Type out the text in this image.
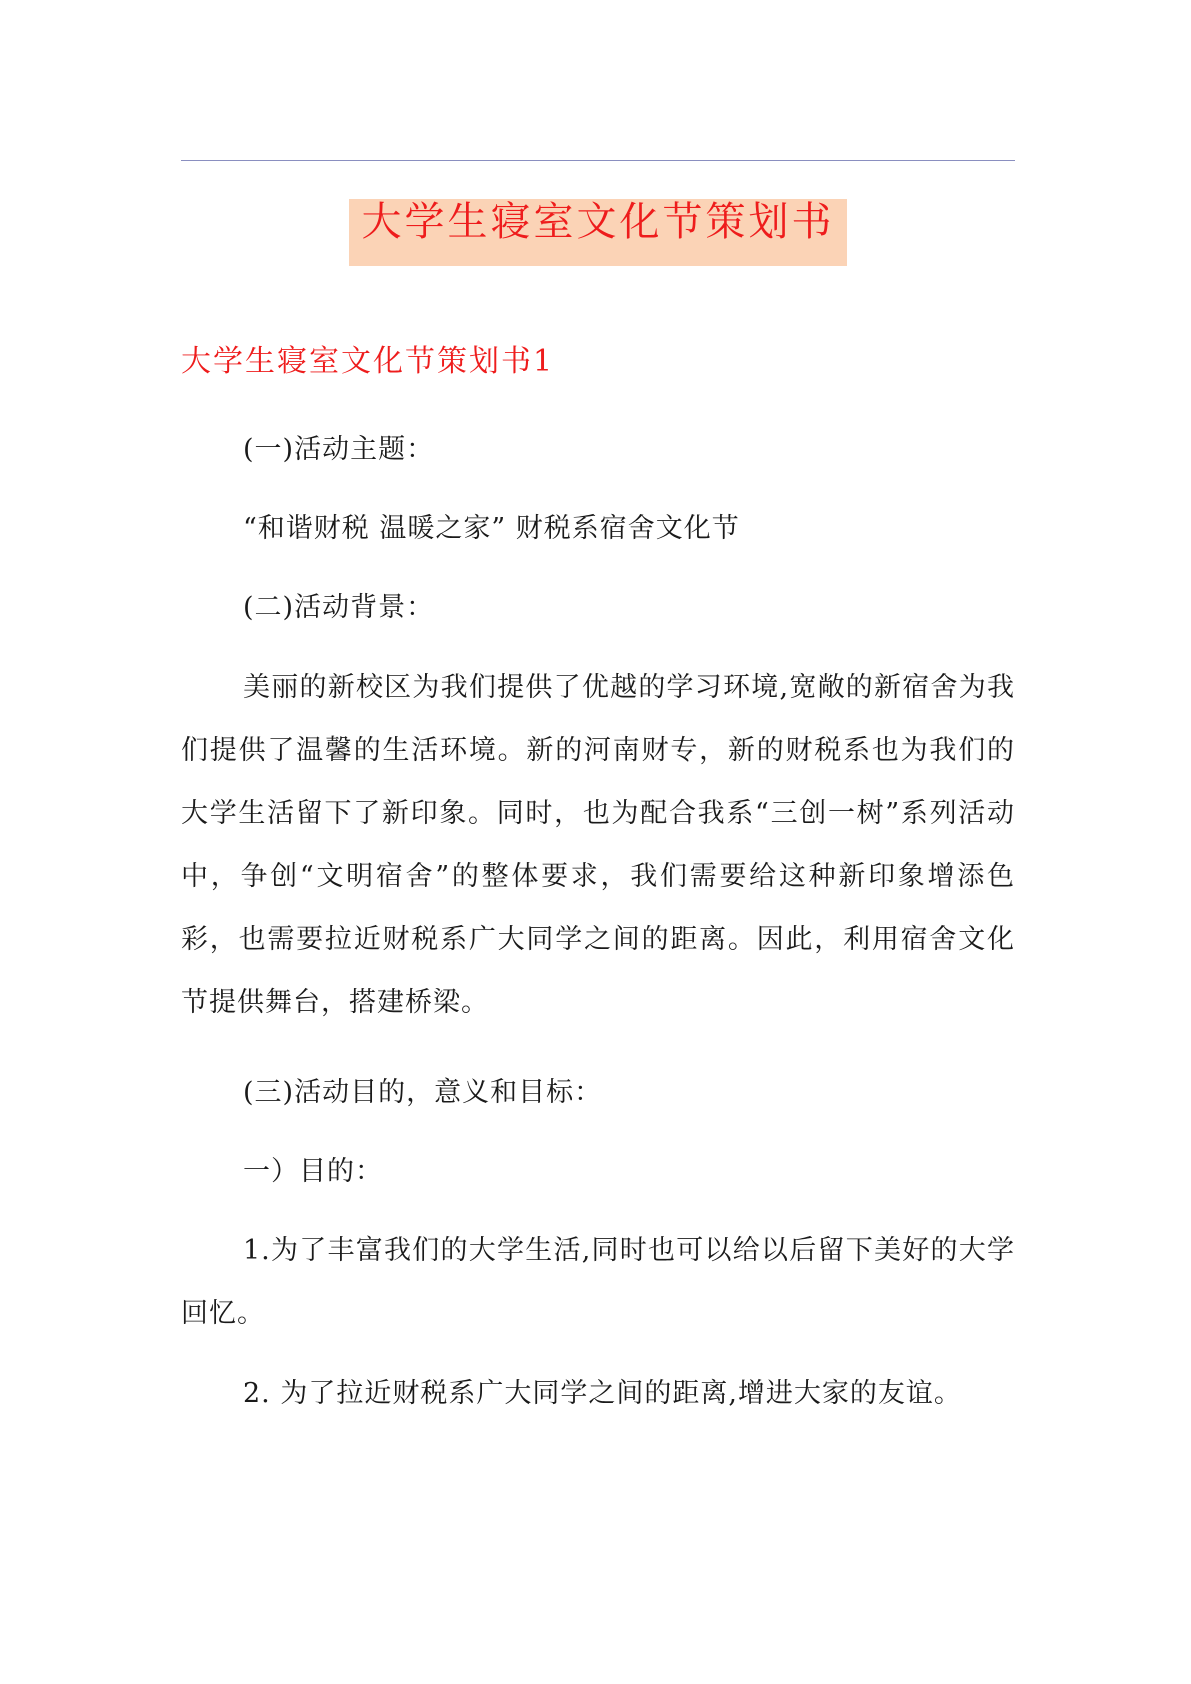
大学生寝室文化节策划书
大学生寝室文化节策划书1

(一)活动主题：

“和谐财税 温暖之家” 财税系宿舍文化节

(二)活动背景：

美丽的新校区为我们提供了优越的学习环境,宽敞的新宿舍为我们提供了温馨的生活环境。新的河南财专，新的财税系也为我们的大学生活留下了新印象。同时，也为配合我系“三创一树”系列活动中，争创“文明宿舍”的整体要求，我们需要给这种新印象增添色彩，也需要拉近财税系广大同学之间的距离。因此，利用宿舍文化节提供舞台，搭建桥梁。

(三)活动目的，意义和目标：

一）目的：

1.为了丰富我们的大学生活,同时也可以给以后留下美好的大学回忆。

2. 为了拉近财税系广大同学之间的距离,增进大家的友谊。
